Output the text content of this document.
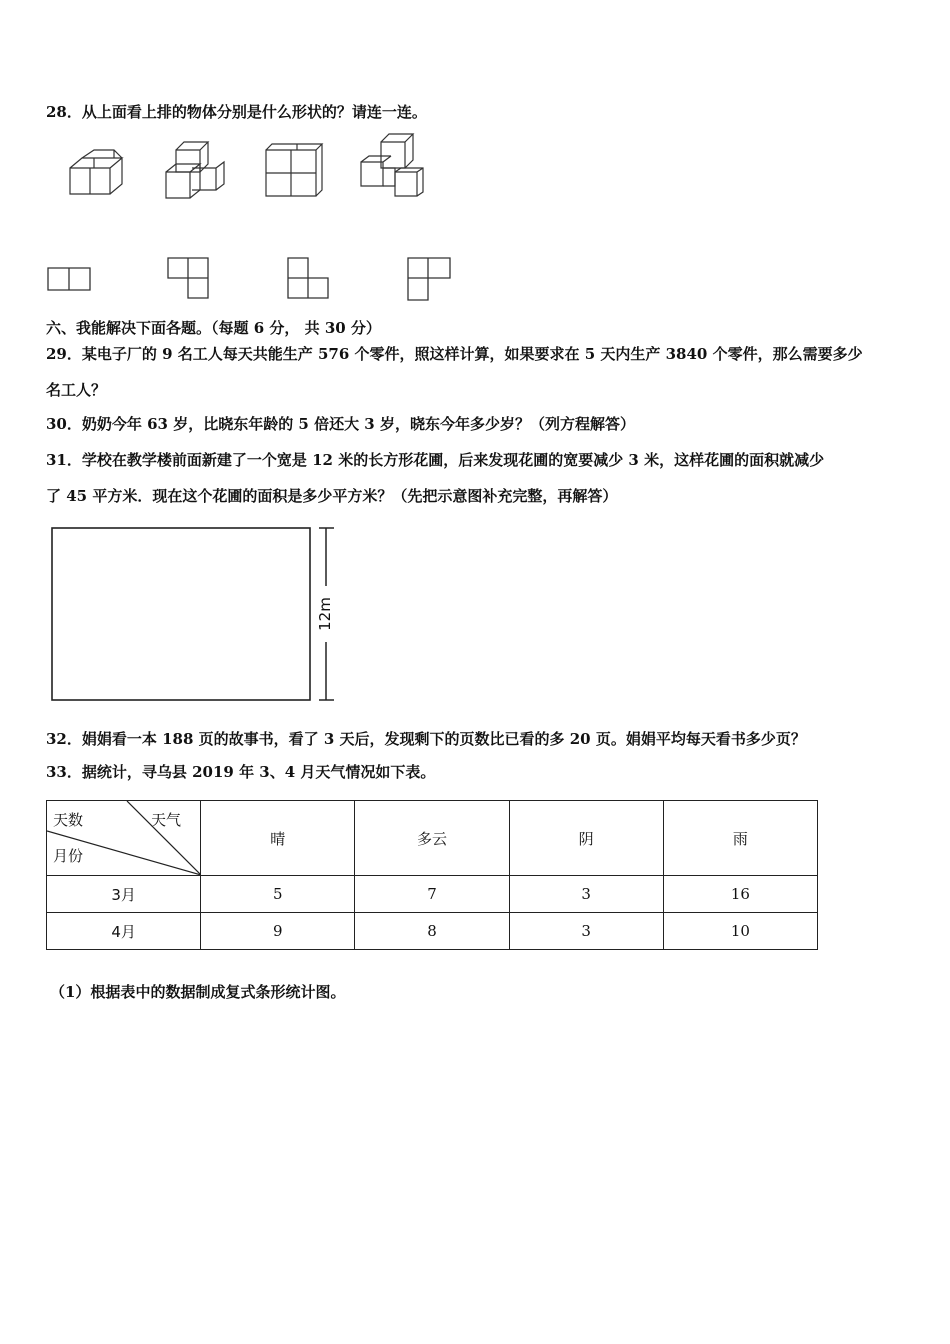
28．从上面看上排的物体分别是什么形状的？请连一连。
六、我能解决下面各题。（每题 6 分， 共 30 分）
29．某电子厂的 9 名工人每天共能生产 576 个零件，照这样计算，如果要求在 5 天内生产 3840 个零件，那么需要多少
名工人？
30．奶奶今年 63 岁，比晓东年龄的 5 倍还大 3 岁，晓东今年多少岁？（列方程解答）
31．学校在教学楼前面新建了一个宽是 12 米的长方形花圃，后来发现花圃的宽要减少 3 米，这样花圃的面积就减少
了 45 平方米．现在这个花圃的面积是多少平方米？（先把示意图补充完整，再解答）
12m
32．娟娟看一本 188 页的故事书，看了 3 天后，发现剩下的页数比已看的多 20 页。娟娟平均每天看书多少页？
33．据统计，寻乌县 2019 年 3、4 月天气情况如下表。
天气
天数
月份	晴	多云	阴	雨
3月	5	7	3	16
4月	9	8	3	10
（1）根据表中的数据制成复式条形统计图。
